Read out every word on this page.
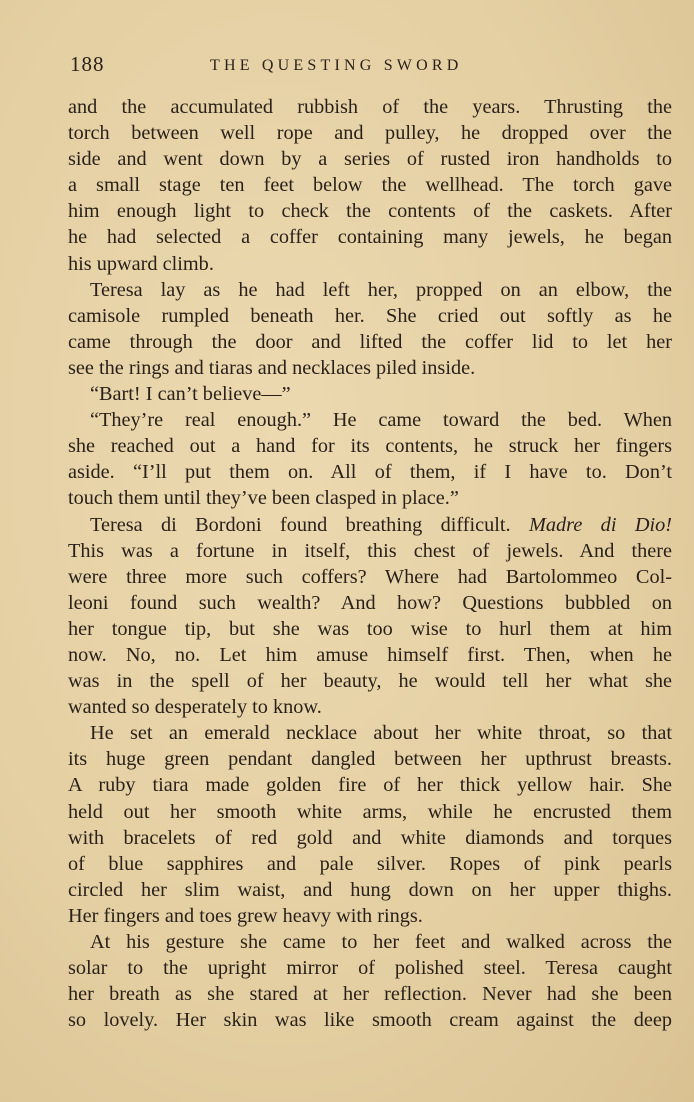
188	THE QUESTING SWORD

and the accumulated rubbish of the years. Thrusting the
torch between well rope and pulley, he dropped over the
side and went down by a series of rusted iron handholds to
a small stage ten feet below the wellhead. The torch gave
him enough light to check the contents of the caskets. After
he had selected a coffer containing many jewels, he began
his upward climb.

Teresa lay as he had left her, propped on an elbow, the
camisole rumpled beneath her. She cried out softly as he
came through the door and lifted the coffer lid to let her
see the rings and tiaras and necklaces piled inside.

“Bart! I can’t believe—”

“They’re real enough.” He came toward the bed. When
she reached out a hand for its contents, he struck her fingers
aside. “I’ll put them on. All of them, if I have to. Don’t
touch them until they’ve been clasped in place.”

Teresa di Bordoni found breathing difficult. Madre di Dio!
This was a fortune in itself, this chest of jewels. And there
were three more such coffers? Where had Bartolommeo Col-
leoni found such wealth? And how? Questions bubbled on
her tongue tip, but she was too wise to hurl them at him
now. No, no. Let him amuse himself first. Then, when he
was in the spell of her beauty, he would tell her what she
wanted so desperately to know.

He set an emerald necklace about her white throat, so that
its huge green pendant dangled between her upthrust breasts.
A ruby tiara made golden fire of her thick yellow hair. She
held out her smooth white arms, while he encrusted them
with bracelets of red gold and white diamonds and torques
of blue sapphires and pale silver. Ropes of pink pearls
circled her slim waist, and hung down on her upper thighs.
Her fingers and toes grew heavy with rings.

At his gesture she came to her feet and walked across the
solar to the upright mirror of polished steel. Teresa caught
her breath as she stared at her reflection. Never had she been
so lovely. Her skin was like smooth cream against the deep
